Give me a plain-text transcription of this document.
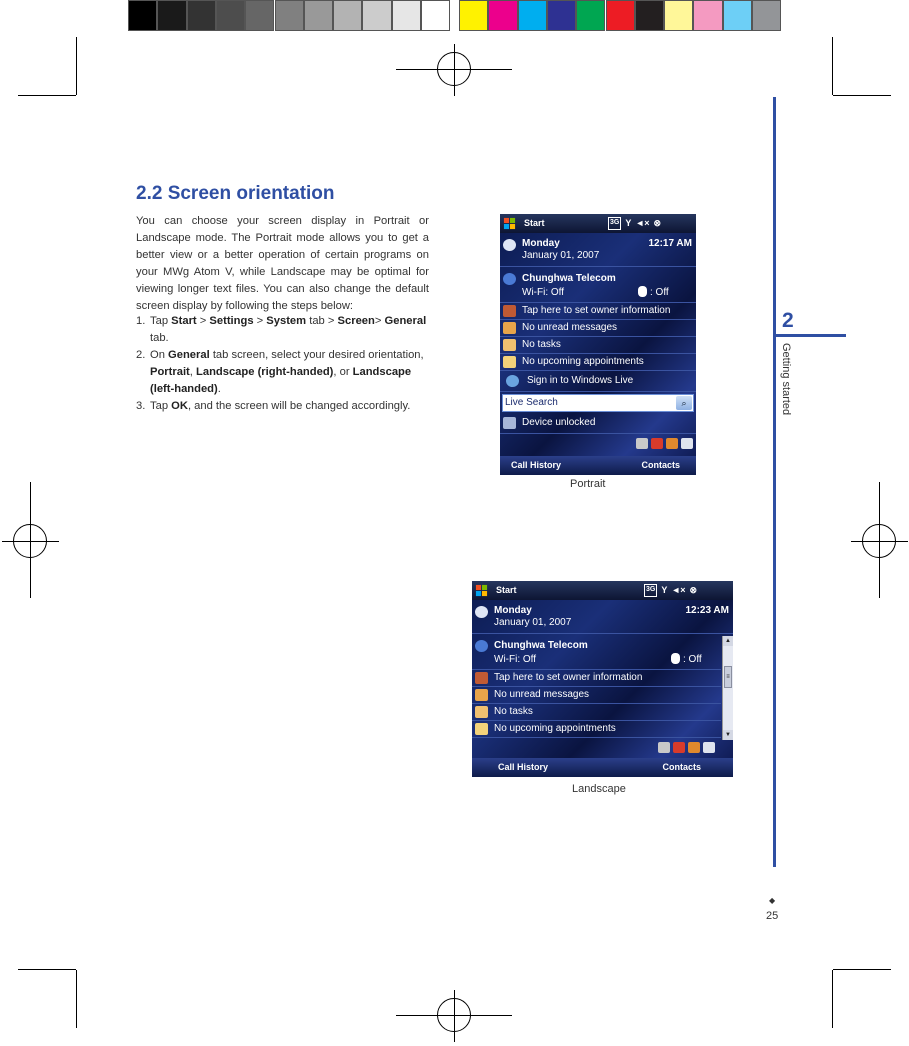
2
Getting started
◆
25
2.2 Screen orientation
You can choose your screen display in Portrait or Landscape mode. The Portrait mode allows you to get a better view or a better operation of certain programs on your MWg Atom V, while Landscape may be optimal for viewing longer text files. You can also change the default screen display by following the steps below:
1. Tap Start > Settings > System tab > Screen> General tab.
2. On General tab screen, select your desired orientation, Portrait, Landscape (right-handed), or Landscape (left-handed).
3. Tap OK, and the screen will be changed accordingly.
Start	3G Y ◄× ⊗
Monday
January 01, 2007
12:17 AM
Chunghwa Telecom
Wi-Fi: Off	: Off
Tap here to set owner information
No unread messages
No tasks
No upcoming appointments
Sign in to Windows Live
Live Search	⌕
Device unlocked
Call History	Contacts
Portrait
Start	3G Y ◄× ⊗
Monday
January 01, 2007
12:23 AM
Chunghwa Telecom
Wi-Fi: Off	: Off
Tap here to set owner information
No unread messages
No tasks
No upcoming appointments
▲
≡
▼
Call History	Contacts
Landscape
